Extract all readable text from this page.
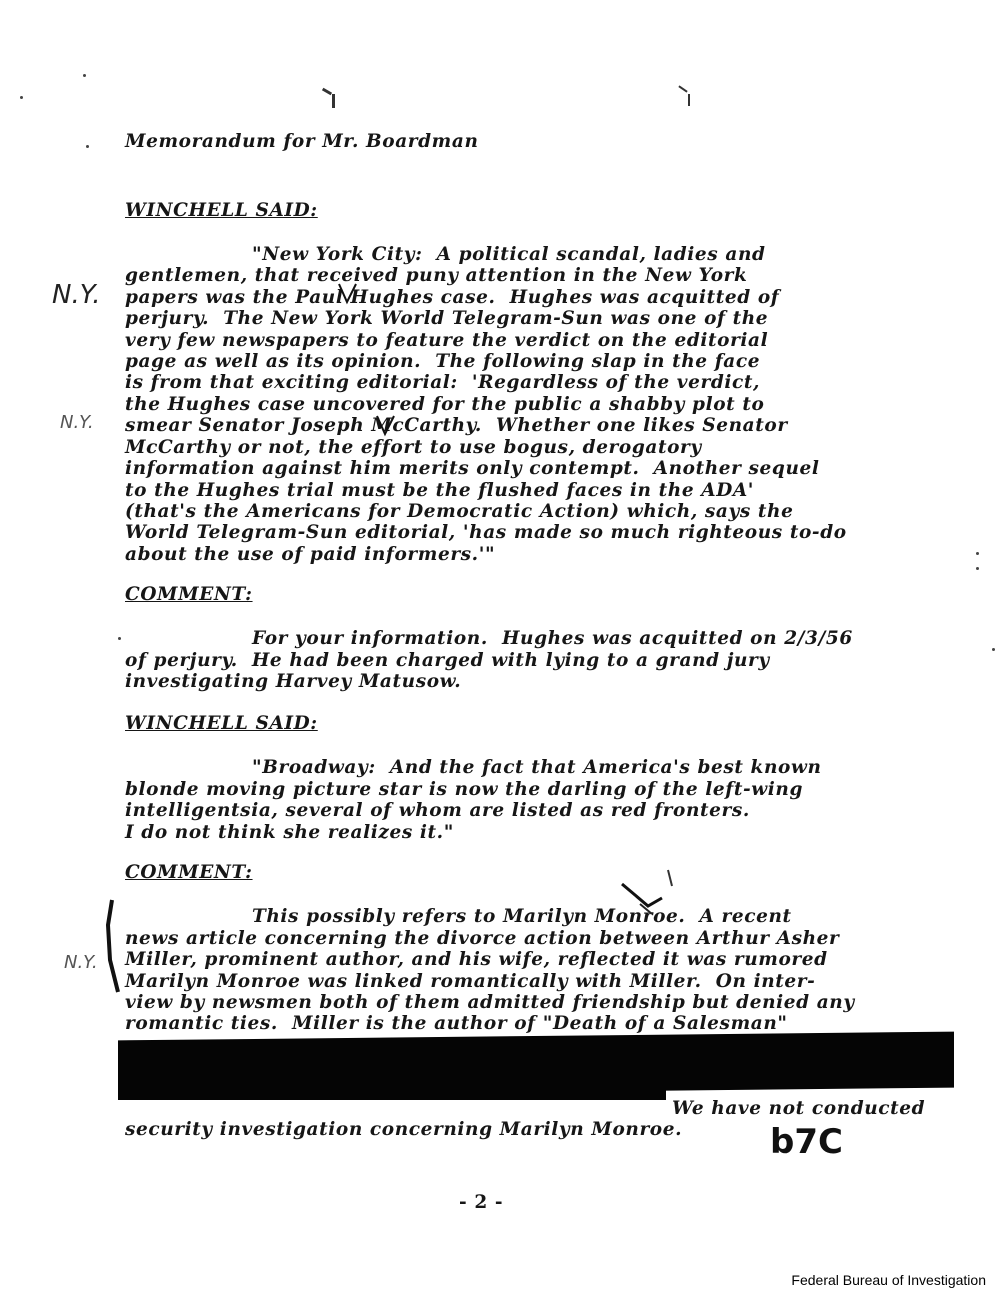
Memorandum for Mr. Boardman

WINCHELL SAID:

"New York City:  A political scandal, ladies and

gentlemen, that received puny attention in the New York

papers was the Paul Hughes case.  Hughes was acquitted of

perjury.  The New York World Telegram-Sun was one of the

very few newspapers to feature the verdict on the editorial

page as well as its opinion.  The following slap in the face

is from that exciting editorial:  'Regardless of the verdict,

the Hughes case uncovered for the public a shabby plot to

smear Senator Joseph McCarthy.  Whether one likes Senator

McCarthy or not, the effort to use bogus, derogatory

information against him merits only contempt.  Another sequel

to the Hughes trial must be the flushed faces in the ADA'

(that's the Americans for Democratic Action) which, says the

World Telegram-Sun editorial, 'has made so much righteous to-do

about the use of paid informers.'"

COMMENT:

For your information.  Hughes was acquitted on 2/3/56

of perjury.  He had been charged with lying to a grand jury

investigating Harvey Matusow.

WINCHELL SAID:

"Broadway:  And the fact that America's best known

blonde moving picture star is now the darling of the left-wing

intelligentsia, several of whom are listed as red fronters.

I do not think she realizes it."

COMMENT:

This possibly refers to Marilyn Monroe.  A recent

news article concerning the divorce action between Arthur Asher

Miller, prominent author, and his wife, reflected it was rumored

Marilyn Monroe was linked romantically with Miller.  On inter-

view by newsmen both of them admitted friendship but denied any

romantic ties.  Miller is the author of "Death of a Salesman"

We have not conducted

security investigation concerning Marilyn Monroe.

N.Y.
N.Y.
N.Y.
b7C

- 2 -

Federal Bureau of Investigation
